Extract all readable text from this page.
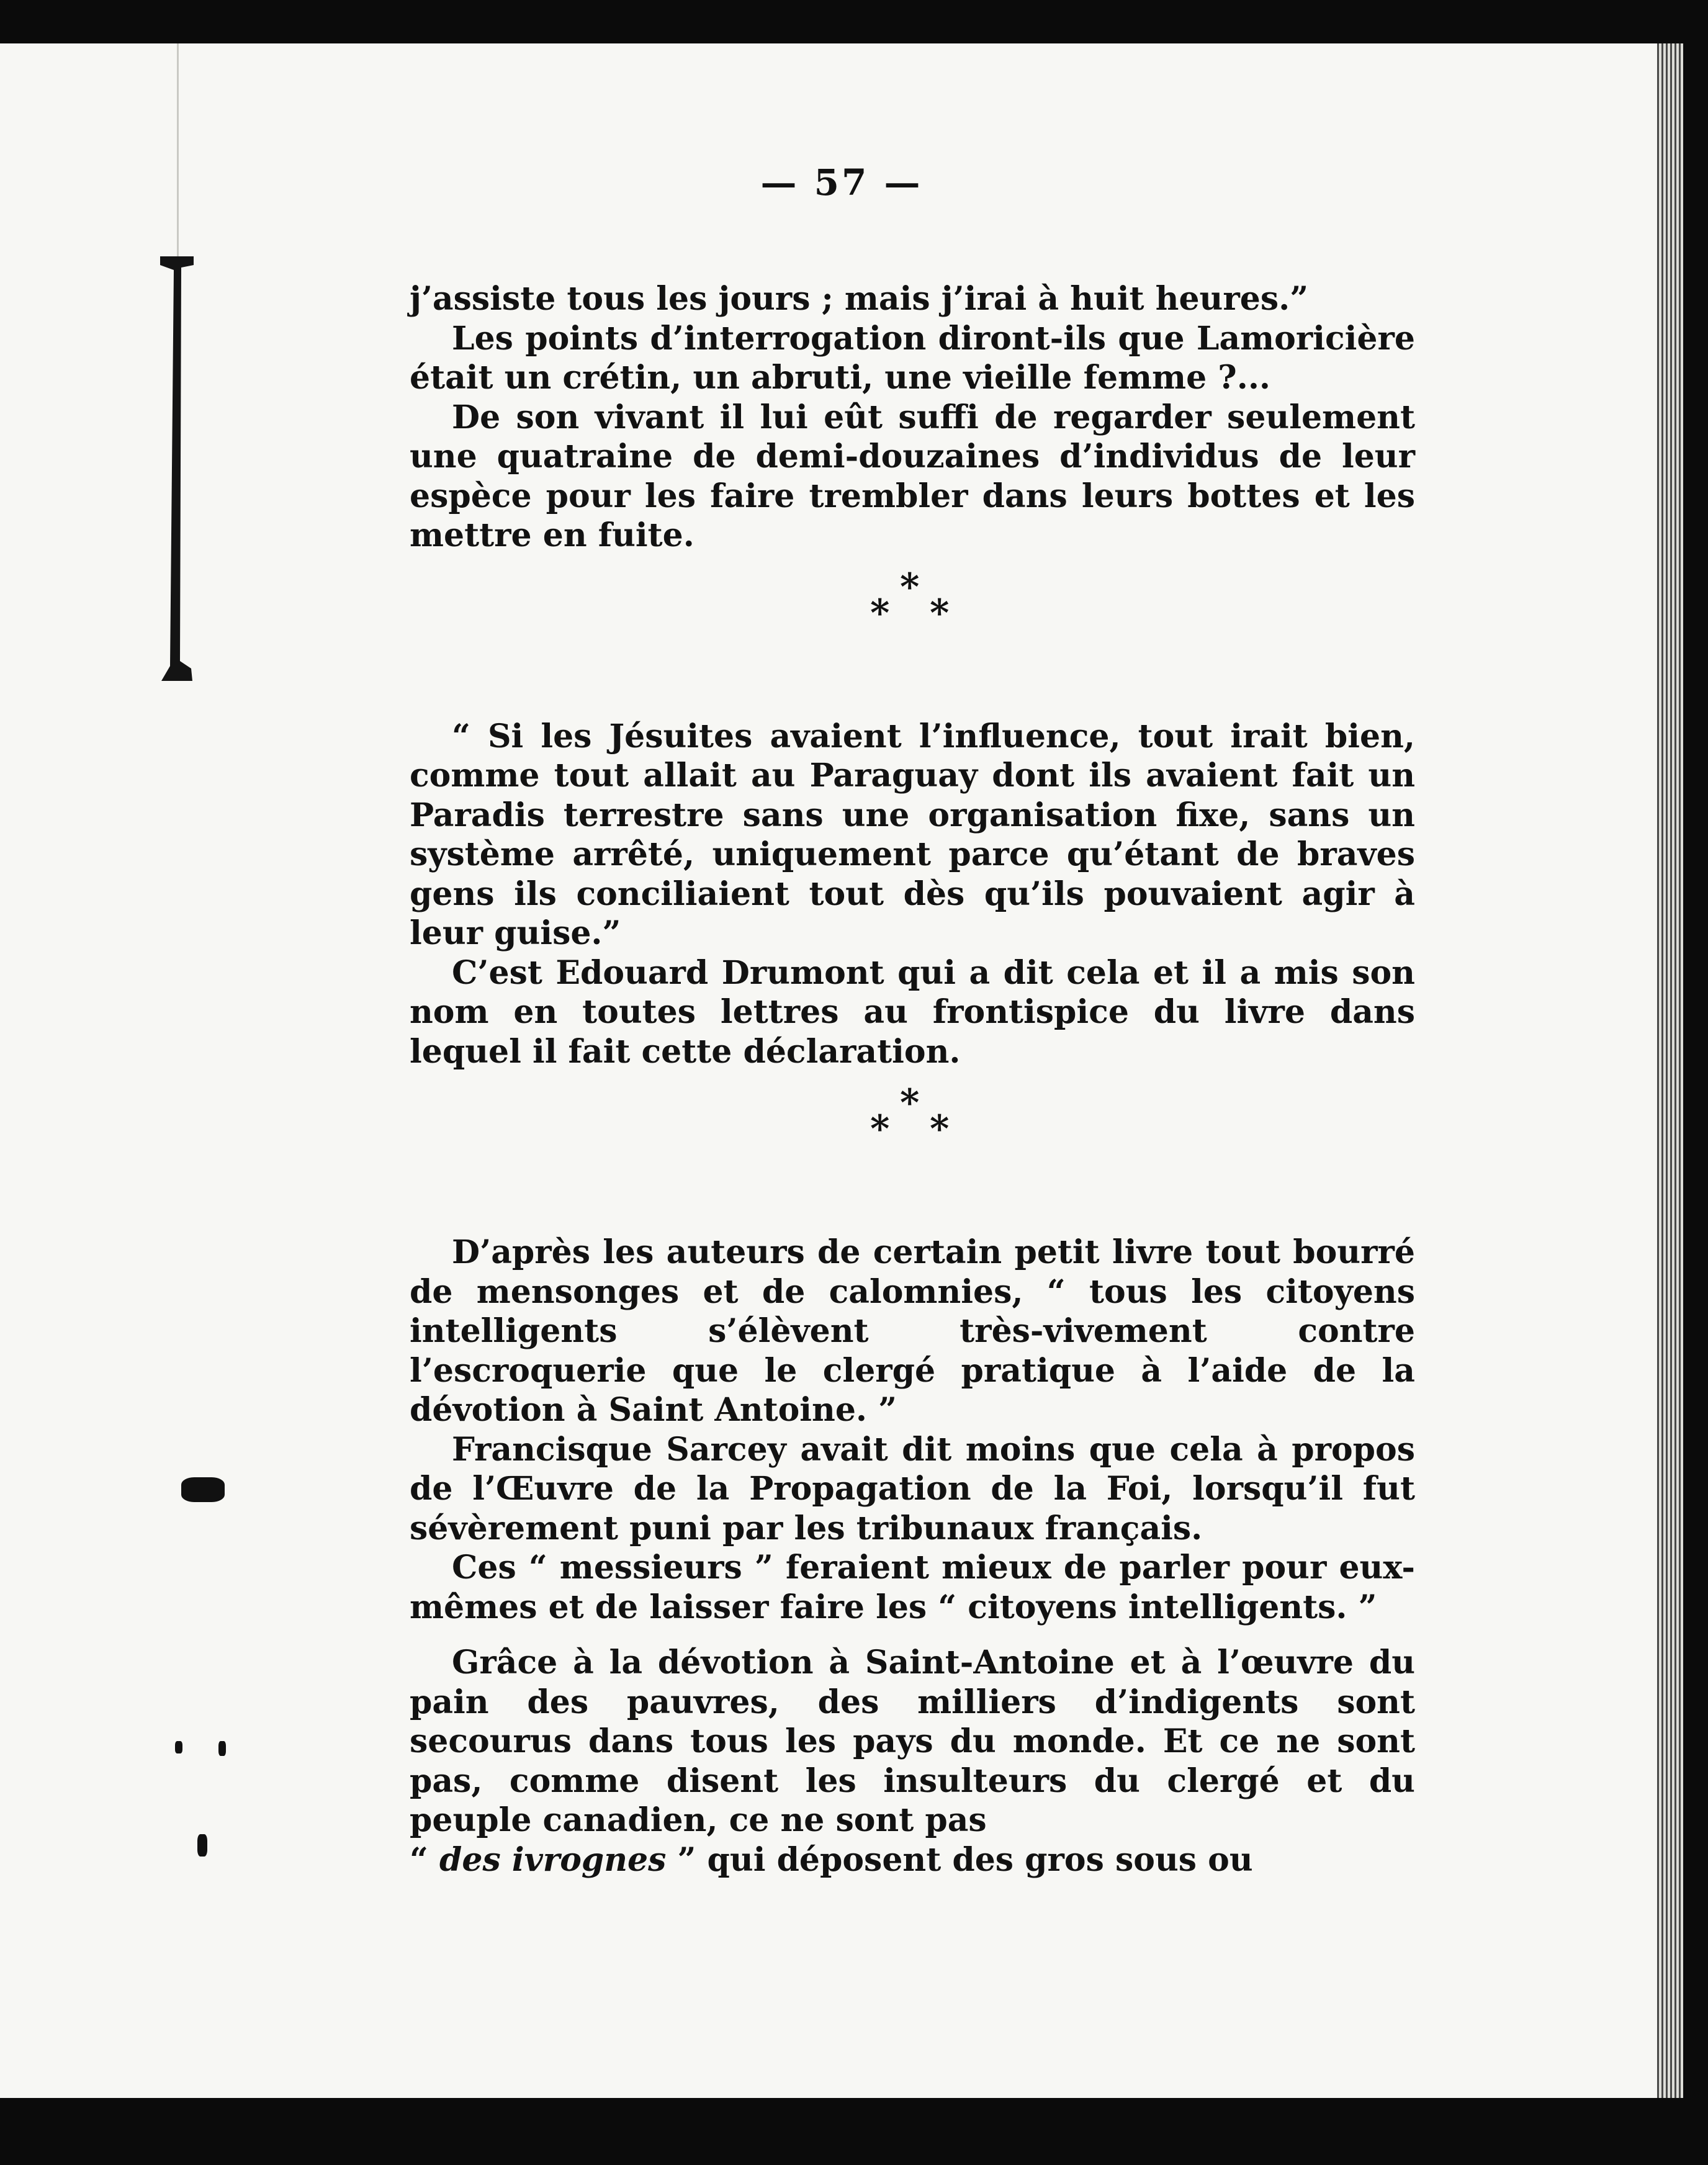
— 57 —

j’assiste tous les jours ; mais j’irai à huit heures.”

Les points d’interrogation diront-ils que Lamoricière était un crétin, un abruti, une vieille femme ?...

De son vivant il lui eût suffi de regarder seulement une quatraine de demi-douzaines d’individus de leur espèce pour les faire trembler dans leurs bottes et les mettre en fuite.

*
* *

“ Si les Jésuites avaient l’influence, tout irait bien, comme tout allait au Paraguay dont ils avaient fait un Paradis terrestre sans une organisation fixe, sans un système arrêté, uniquement parce qu’étant de braves gens ils conciliaient tout dès qu’ils pouvaient agir à leur guise.”

C’est Edouard Drumont qui a dit cela et il a mis son nom en toutes lettres au frontispice du livre dans lequel il fait cette déclaration.

*
* *

D’après les auteurs de certain petit livre tout bourré de mensonges et de calomnies, “ tous les citoyens intelligents s’élèvent très-vivement contre l’escroquerie que le clergé pratique à l’aide de la dévotion à Saint Antoine. ”

Francisque Sarcey avait dit moins que cela à propos de l’Œuvre de la Propagation de la Foi, lorsqu’il fut sévèrement puni par les tribunaux français.

Ces “ messieurs ” feraient mieux de parler pour eux-mêmes et de laisser faire les “ citoyens intelligents. ”

Grâce à la dévotion à Saint-Antoine et à l’œuvre du pain des pauvres, des milliers d’indigents sont secourus dans tous les pays du monde. Et ce ne sont pas, comme disent les insulteurs du clergé et du peuple canadien, ce ne sont pas
“ des ivrognes ” qui déposent des gros sous ou
